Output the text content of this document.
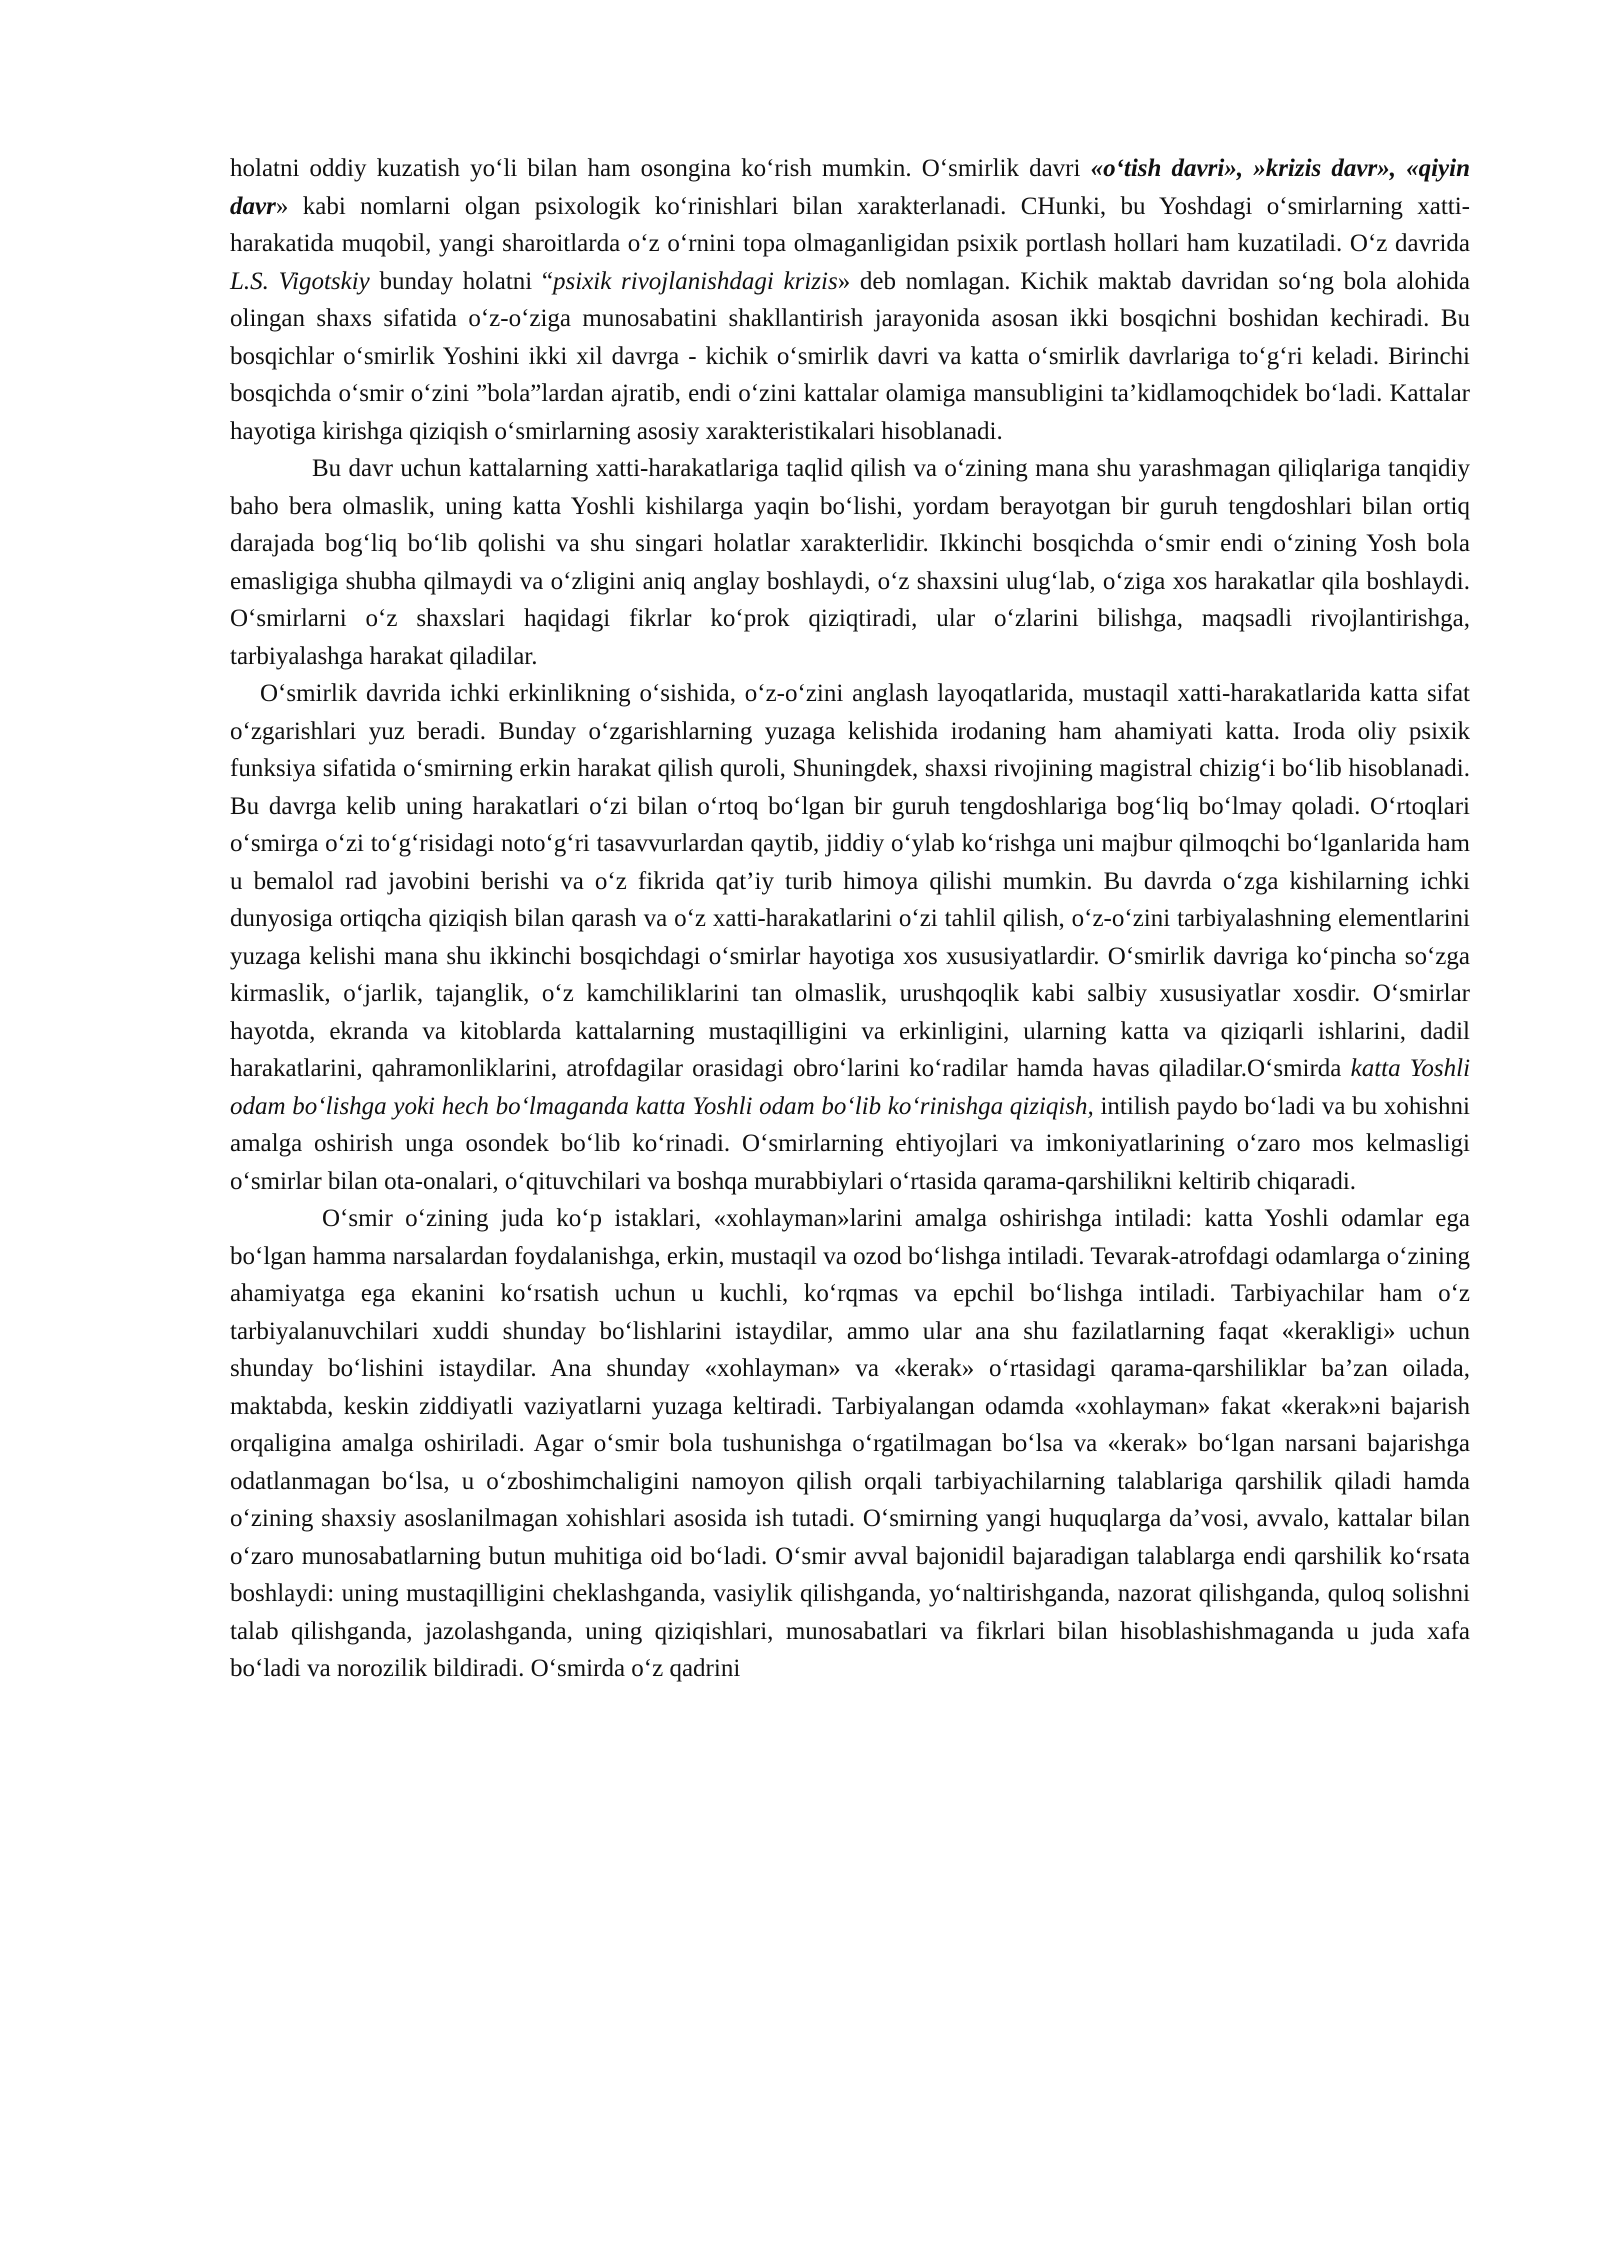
holatni oddiy kuzatish yo‘li bilan ham osongina ko‘rish mumkin. O‘smirlik davri «o‘tish davri», »krizis davr», «qiyin davr» kabi nomlarni olgan psixologik ko‘rinishlari bilan xarakterlanadi. CHunki, bu Yoshdagi o‘smirlarning xatti-harakatida muqobil, yangi sharoitlarda o‘z o‘rnini topa olmaganligidan psixik portlash hollari ham kuzatiladi. O‘z davrida L.S. Vigotskiy bunday holatni “psixik rivojlanishdagi krizis» deb nomlagan. Kichik maktab davridan so‘ng bola alohida olingan shaxs sifatida o‘z-o‘ziga munosabatini shakllantirish jarayonida asosan ikki bosqichni boshidan kechiradi. Bu bosqichlar o‘smirlik Yoshini ikki xil davrga - kichik o‘smirlik davri va katta o‘smirlik davrlariga to‘g‘ri keladi. Birinchi bosqichda o‘smir o‘zini ”bola”lardan ajratib, endi o‘zini kattalar olamiga mansubligini ta’kidlamoqchidek bo‘ladi. Kattalar hayotiga kirishga qiziqish o‘smirlarning asosiy xarakteristikalari hisoblanadi.

Bu davr uchun kattalarning xatti-harakatlariga taqlid qilish va o‘zining mana shu yarashmagan qiliqlariga tanqidiy baho bera olmaslik, uning katta Yoshli kishilarga yaqin bo‘lishi, yordam berayotgan bir guruh tengdoshlari bilan ortiq darajada bog‘liq bo‘lib qolishi va shu singari holatlar xarakterlidir. Ikkinchi bosqichda o‘smir endi o‘zining Yosh bola emasligiga shubha qilmaydi va o‘zligini aniq anglay boshlaydi, o‘z shaxsini ulug‘lab, o‘ziga xos harakatlar qila boshlaydi. O‘smirlarni o‘z shaxslari haqidagi fikrlar ko‘prok qiziqtiradi, ular o‘zlarini bilishga, maqsadli rivojlantirishga, tarbiyalashga harakat qiladilar.

O‘smirlik davrida ichki erkinlikning o‘sishida, o‘z-o‘zini anglash layoqatlarida, mustaqil xatti-harakatlarida katta sifat o‘zgarishlari yuz beradi. Bunday o‘zgarishlarning yuzaga kelishida irodaning ham ahamiyati katta. Iroda oliy psixik funksiya sifatida o‘smirning erkin harakat qilish quroli, Shuningdek, shaxsi rivojining magistral chizig‘i bo‘lib hisoblanadi. Bu davrga kelib uning harakatlari o‘zi bilan o‘rtoq bo‘lgan bir guruh tengdoshlariga bog‘liq bo‘lmay qoladi. O‘rtoqlari o‘smirga o‘zi to‘g‘risidagi noto‘g‘ri tasavvurlardan qaytib, jiddiy o‘ylab ko‘rishga uni majbur qilmoqchi bo‘lganlarida ham u bemalol rad javobini berishi va o‘z fikrida qat’iy turib himoya qilishi mumkin. Bu davrda o‘zga kishilarning ichki dunyosiga ortiqcha qiziqish bilan qarash va o‘z xatti-harakatlarini o‘zi tahlil qilish, o‘z-o‘zini tarbiyalashning elementlarini yuzaga kelishi mana shu ikkinchi bosqichdagi o‘smirlar hayotiga xos xususiyatlardir. O‘smirlik davriga ko‘pincha so‘zga kirmaslik, o‘jarlik, tajanglik, o‘z kamchiliklarini tan olmaslik, urushqoqlik kabi salbiy xususiyatlar xosdir. O‘smirlar hayotda, ekranda va kitoblarda kattalarning mustaqilligini va erkinligini, ularning katta va qiziqarli ishlarini, dadil harakatlarini, qahramonliklarini, atrofdagilar orasidagi obro‘larini ko‘radilar hamda havas qiladilar.O‘smirda katta Yoshli odam bo‘lishga yoki hech bo‘lmaganda katta Yoshli odam bo‘lib ko‘rinishga qiziqish, intilish paydo bo‘ladi va bu xohishni amalga oshirish unga osondek bo‘lib ko‘rinadi. O‘smirlarning ehtiyojlari va imkoniyatlarining o‘zaro mos kelmasligi o‘smirlar bilan ota-onalari, o‘qituvchilari va boshqa murabbiylari o‘rtasida qarama-qarshilikni keltirib chiqaradi.

O‘smir o‘zining juda ko‘p istaklari, «xohlayman»larini amalga oshirishga intiladi: katta Yoshli odamlar ega bo‘lgan hamma narsalardan foydalanishga, erkin, mustaqil va ozod bo‘lishga intiladi. Tevarak-atrofdagi odamlarga o‘zining ahamiyatga ega ekanini ko‘rsatish uchun u kuchli, ko‘rqmas va epchil bo‘lishga intiladi. Tarbiyachilar ham o‘z tarbiyalanuvchilari xuddi shunday bo‘lishlarini istaydilar, ammo ular ana shu fazilatlarning faqat «kerakligi» uchun shunday bo‘lishini istaydilar. Ana shunday «xohlayman» va «kerak» o‘rtasidagi qarama-qarshiliklar ba’zan oilada, maktabda, keskin ziddiyatli vaziyatlarni yuzaga keltiradi. Tarbiyalangan odamda «xohlayman» fakat «kerak»ni bajarish orqaligina amalga oshiriladi. Agar o‘smir bola tushunishga o‘rgatilmagan bo‘lsa va «kerak» bo‘lgan narsani bajarishga odatlanmagan bo‘lsa, u o‘zboshimchaligini namoyon qilish orqali tarbiyachilarning talablariga qarshilik qiladi hamda o‘zining shaxsiy asoslanilmagan xohishlari asosida ish tutadi. O‘smirning yangi huquqlarga da’vosi, avvalo, kattalar bilan o‘zaro munosabatlarning butun muhitiga oid bo‘ladi. O‘smir avval bajonidil bajaradigan talablarga endi qarshilik ko‘rsata boshlaydi: uning mustaqilligini cheklashganda, vasiylik qilishganda, yo‘naltirishganda, nazorat qilishganda, quloq solishni talab qilishganda, jazolashganda, uning qiziqishlari, munosabatlari va fikrlari bilan hisoblashishmaganda u juda xafa bo‘ladi va norozilik bildiradi. O‘smirda o‘z qadrini
